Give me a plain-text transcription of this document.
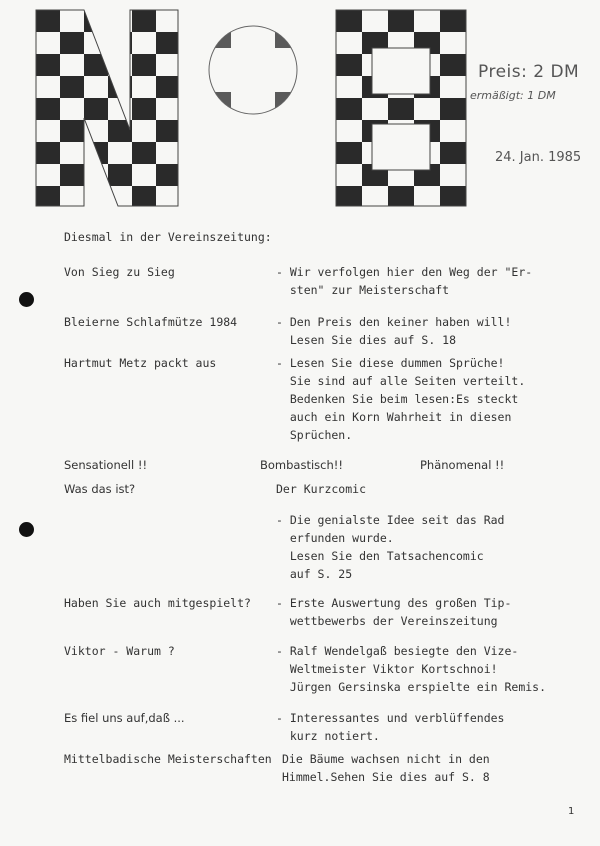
Preis: 2 DM
ermäßigt: 1 DM
24. Jan. 1985
Diesmal in der Vereinszeitung:
Von Sieg zu Sieg	- Wir verfolgen hier den Weg der "Er-
sten" zur Meisterschaft
Bleierne Schlafmütze 1984	- Den Preis den keiner haben will!
Lesen Sie dies auf S. 18
Hartmut Metz packt aus	- Lesen Sie diese dummen Sprüche!
Sie sind auf alle Seiten verteilt.
Bedenken Sie beim lesen:Es steckt
auch ein Korn Wahrheit in diesen
Sprüchen.
Sensationell !!	Bombastisch!!	Phänomenal !!
Was das ist?	Der Kurzcomic
- Die genialste Idee seit das Rad
erfunden wurde.
Lesen Sie den Tatsachencomic
auf S. 25
Haben Sie auch mitgespielt? - Erste Auswertung des großen Tip-
wettbewerbs der Vereinszeitung
Viktor - Warum ?	- Ralf Wendelgaß besiegte den Vize-
Weltmeister Viktor Kortschnoi!
Jürgen Gersinska erspielte ein Remis.
Es fiel uns auf,daß ...	- Interessantes und verblüffendes
kurz notiert.
Mittelbadische Meisterschaften Die Bäume wachsen nicht in den
Himmel.Sehen Sie dies auf S. 8
1
